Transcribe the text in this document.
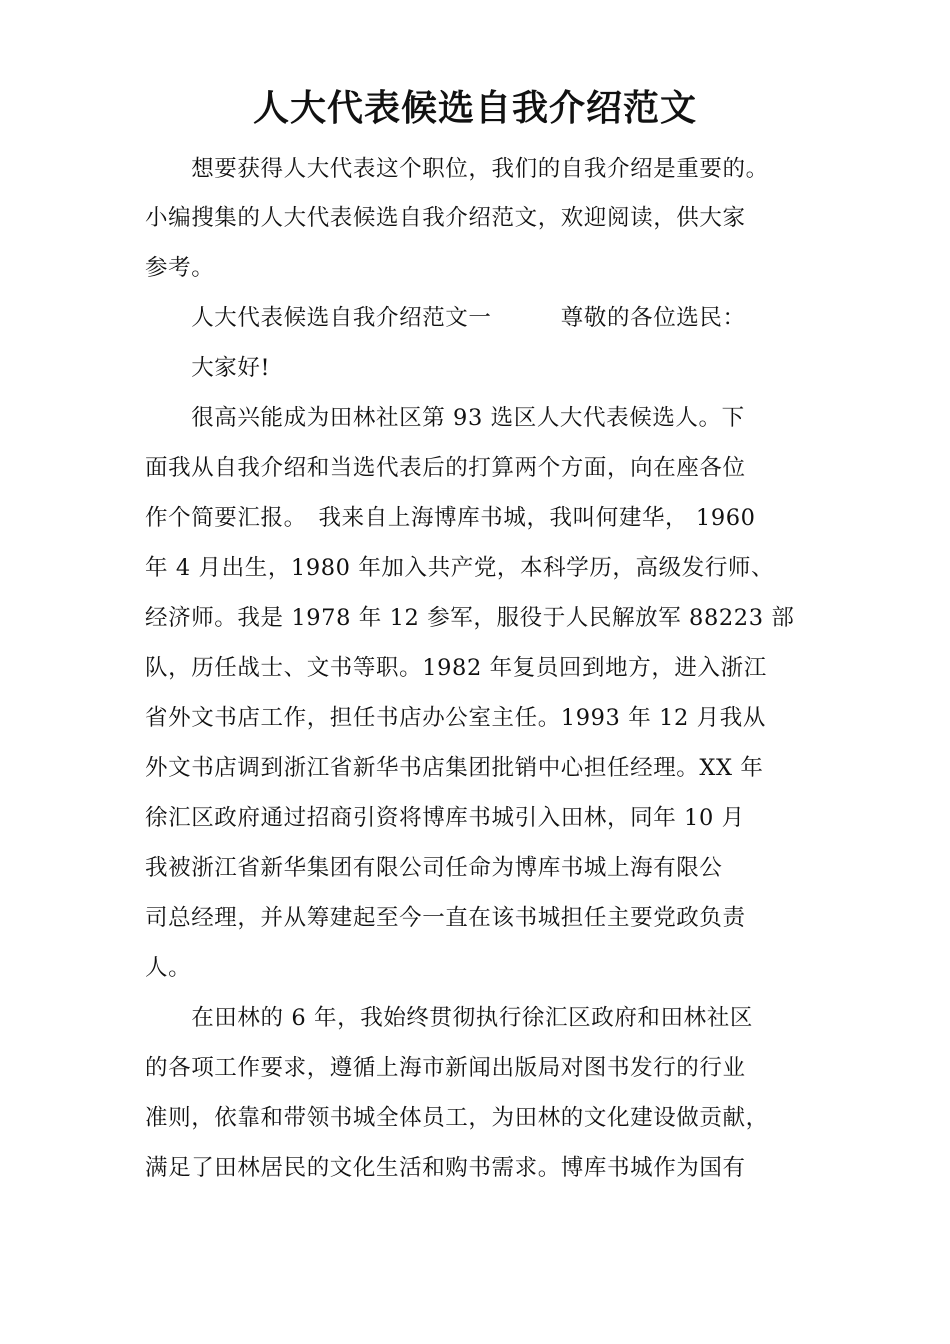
人大代表候选自我介绍范文
　　想要获得人大代表这个职位，我们的自我介绍是重要的。
小编搜集的人大代表候选自我介绍范文，欢迎阅读，供大家
参考。
　　人大代表候选自我介绍范文一　　　尊敬的各位选民：
　　大家好!
　　很高兴能成为田林社区第 93 选区人大代表候选人。下
面我从自我介绍和当选代表后的打算两个方面，向在座各位
作个简要汇报。　我来自上海博库书城，我叫何建华， 1960
年 4 月出生，1980 年加入共产党，本科学历，高级发行师、
经济师。我是 1978 年 12 参军，服役于人民解放军 88223 部
队，历任战士、文书等职。1982 年复员回到地方，进入浙江
省外文书店工作，担任书店办公室主任。1993 年 12 月我从
外文书店调到浙江省新华书店集团批销中心担任经理。XX 年
徐汇区政府通过招商引资将博库书城引入田林，同年 10 月
我被浙江省新华集团有限公司任命为博库书城上海有限公
司总经理，并从筹建起至今一直在该书城担任主要党政负责
人。
　　在田林的 6 年，我始终贯彻执行徐汇区政府和田林社区
的各项工作要求，遵循上海市新闻出版局对图书发行的行业
准则，依靠和带领书城全体员工，为田林的文化建设做贡献，
满足了田林居民的文化生活和购书需求。博库书城作为国有
